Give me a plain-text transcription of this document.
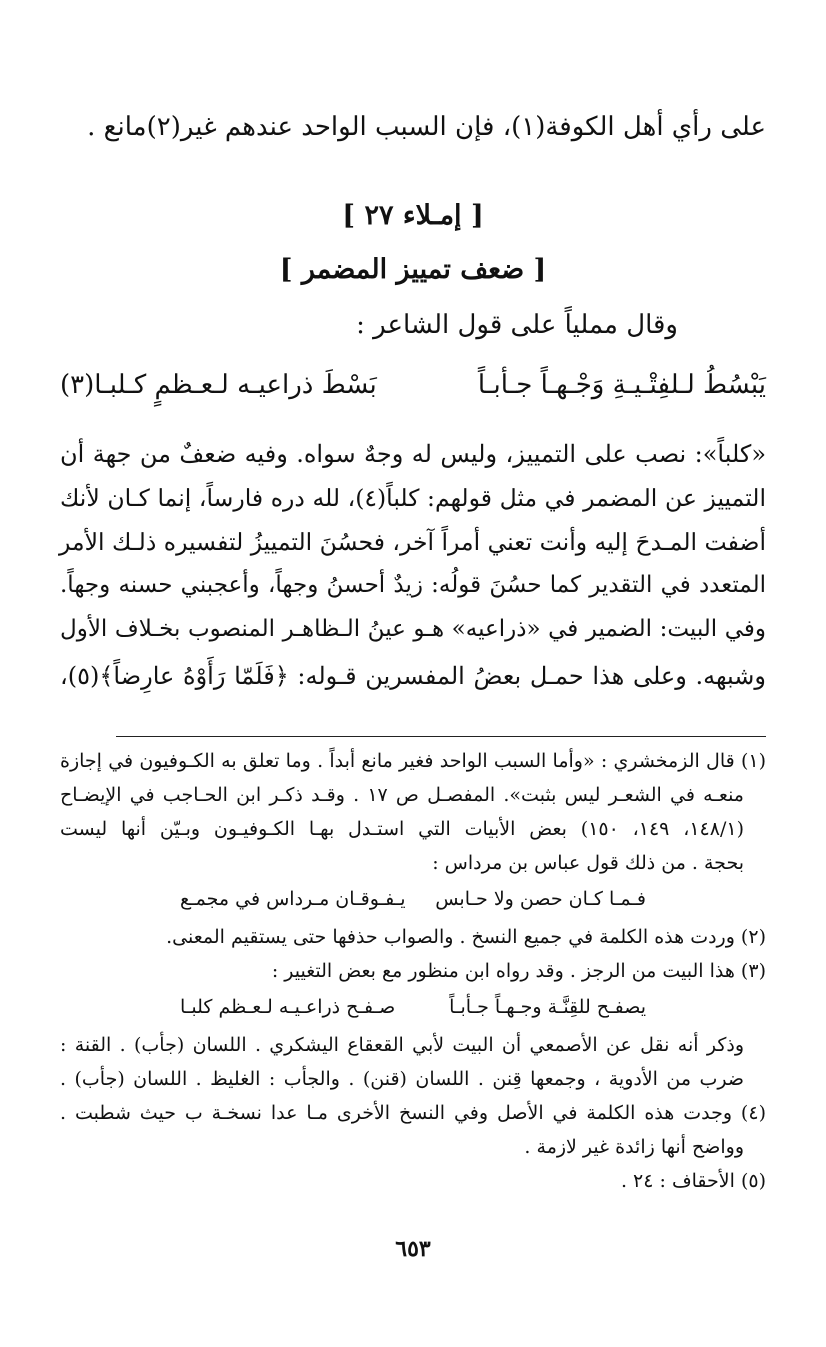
على رأي أهل الكوفة(١)، فإن السبب الواحد عندهم غير(٢)مانع .
[ إمـلاء ٢٧ ]
[ ضعف تمييز المضمر ]
وقال مملياً على قول الشاعر :
يَبْسُطُ لـلفِتْـيـةِ وَجْـهـاً جـأبـاً
بَسْطَ ذراعيـه لـعـظمٍ كـلبـا(٣)
«كلباً»: نصب على التمييز، وليس له وجهٌ سواه. وفيه ضعفٌ من جهة أن
التمييز عن المضمر في مثل قولهم: كلباً(٤)، لله دره فارساً، إنما كـان لأنك
أضفت المـدحَ إليه وأنت تعني أمراً آخر، فحسُنَ التمييزُ لتفسيره ذلـك الأمر
المتعدد في التقدير كما حسُنَ قولُه: زيدٌ أحسنُ وجهاً، وأعجبني حسنه وجهاً.
وفي البيت: الضمير في «ذراعيه» هـو عينُ الـظاهـر المنصوب بخـلاف الأول
وشبهه. وعلى هذا حمـل بعضُ المفسرين قـوله: ﴿فَلَمّا رَأَوْهُ عارِضاً﴾(٥)،
(١) قال الزمخشري : «وأما السبب الواحد فغير مانع أبداً . وما تعلق به الكـوفيون في إجازة
منعـه في الشعـر ليس بثبت». المفصـل ص ١٧ . وقـد ذكـر ابن الحـاجب في الإيضـاح
(١٤٨/١، ١٤٩، ١٥٠) بعض الأبيات التي استـدل بهـا الكـوفيـون وبـيّن أنها ليست
بحجة . من ذلك قول عباس بن مرداس :
فـمـا كـان حصن ولا حـابس
يـفـوقـان مـرداس في مجمـع
(٢) وردت هذه الكلمة في جميع النسخ . والصواب حذفها حتى يستقيم المعنى.
(٣) هذا البيت من الرجز . وقد رواه ابن منظور مع بعض التغيير :
يصفـح للقِنَّـة وجـهـاً جـأبـاً
صـفـح ذراعـيـه لـعـظم كلبـا
وذكر أنه نقل عن الأصمعي أن البيت لأبي القعقاع اليشكري . اللسان (جأب) . القنة :
ضرب من الأدوية ، وجمعها قِنن . اللسان (قنن) . والجأب : الغليظ . اللسان (جأب) .
(٤) وجدت هذه الكلمة في الأصل وفي النسخ الأخرى مـا عدا نسخـة ب حيث شطبت .
وواضح أنها زائدة غير لازمة .
(٥) الأحقاف : ٢٤ .
٦٥٣
